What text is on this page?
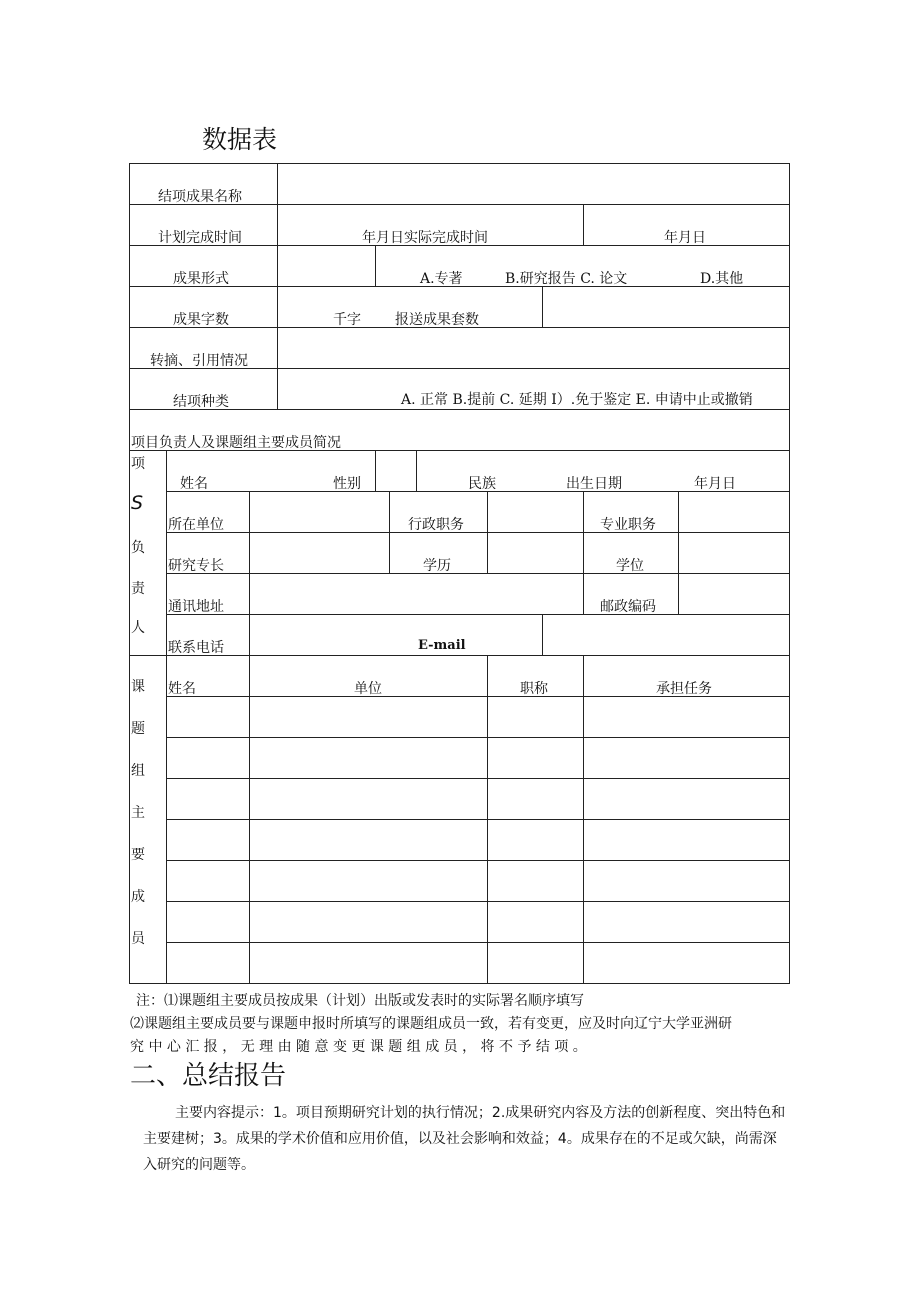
数据表
结项成果名称
计划完成时间	年月日实际完成时间	年月日
成果形式	A.专著	B.研究报告 C. 论文	D.其他
成果字数	千字 报送成果套数
转摘、引用情况
结项种类	A. 正常 B.提前 C. 延期 I）.免于鉴定 E. 申请中止或撤销
项目负责人及课题组主要成员简况
项
S
负
责
人
姓名	性别	民族	出生日期	年月日
所在单位	行政职务	专业职务
研究专长	学历	学位
通讯地址	邮政编码
联系电话	E-mail
课
题
组
主
要
成
员
姓名	单位	职称	承担任务
注：⑴课题组主要成员按成果（计划）出版或发表时的实际署名顺序填写
⑵课题组主要成员要与课题申报时所填写的课题组成员一致，若有变更，应及时向辽宁大学亚洲研
究 中 心 汇 报 ， 无 理 由 随 意 变 更 课 题 组 成 员 ， 将 不 予 结 项 。
二、总结报告
主要内容提示：1。项目预期研究计划的执行情况；2.成果研究内容及方法的创新程度、突出特色和主要建树；3。成果的学术价值和应用价值，以及社会影响和效益；4。成果存在的不足或欠缺，尚需深入研究的问题等。
